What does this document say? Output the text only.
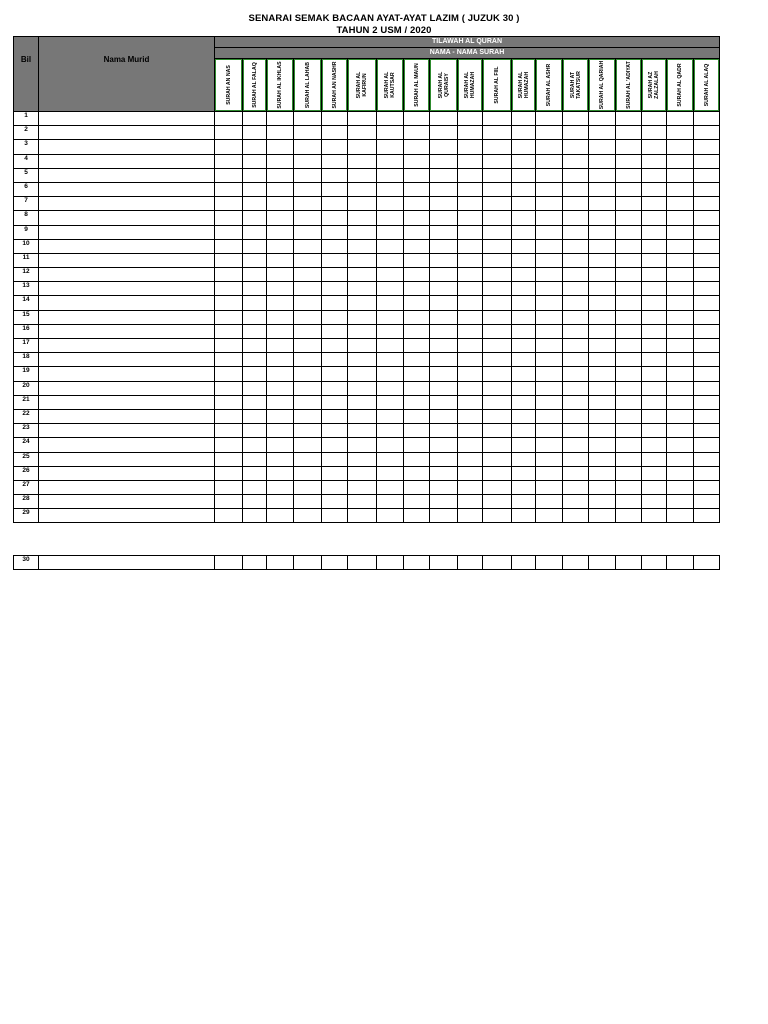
SENARAI SEMAK BACAAN AYAT-AYAT LAZIM ( JUZUK 30 )
TAHUN 2 USM / 2020
Bil	Nama Murid	TILAWAH AL QURAN																		
		NAMA - NAMA SURAH																		

		SURAH AN NAS	SURAH AL FALAQ	SURAH AL IKHLAS	SURAH AL LAHAB	SURAH AN NASHR	SURAH AL KAFIRUN	SURAH AL KAUTSAR	SURAH AL MAUN	SURAH AL QURAISY	SURAH AL HUMAZAH	SURAH AL FIIL	SURAH AL HUMAZAH	SURAH AL ASHR	SURAH AT TAKATSUR	SURAH AL QARIAH	SURAH AL 'ADIYAT	SURAH AZ ZALZALAH	SURAH AL QADR	SURAH AL ALAQ

1																				
2																				
3																				
4																				
5																				
6																				
7																				
8																				
9																				
10																				
11																				
12																				
13																				
14																				
15																				
16																				
17																				
18																				
19																				
20																				
21																				
22																				
23																				
24																				
25																				
26																				
27																				
28																				
29																				
30																				
